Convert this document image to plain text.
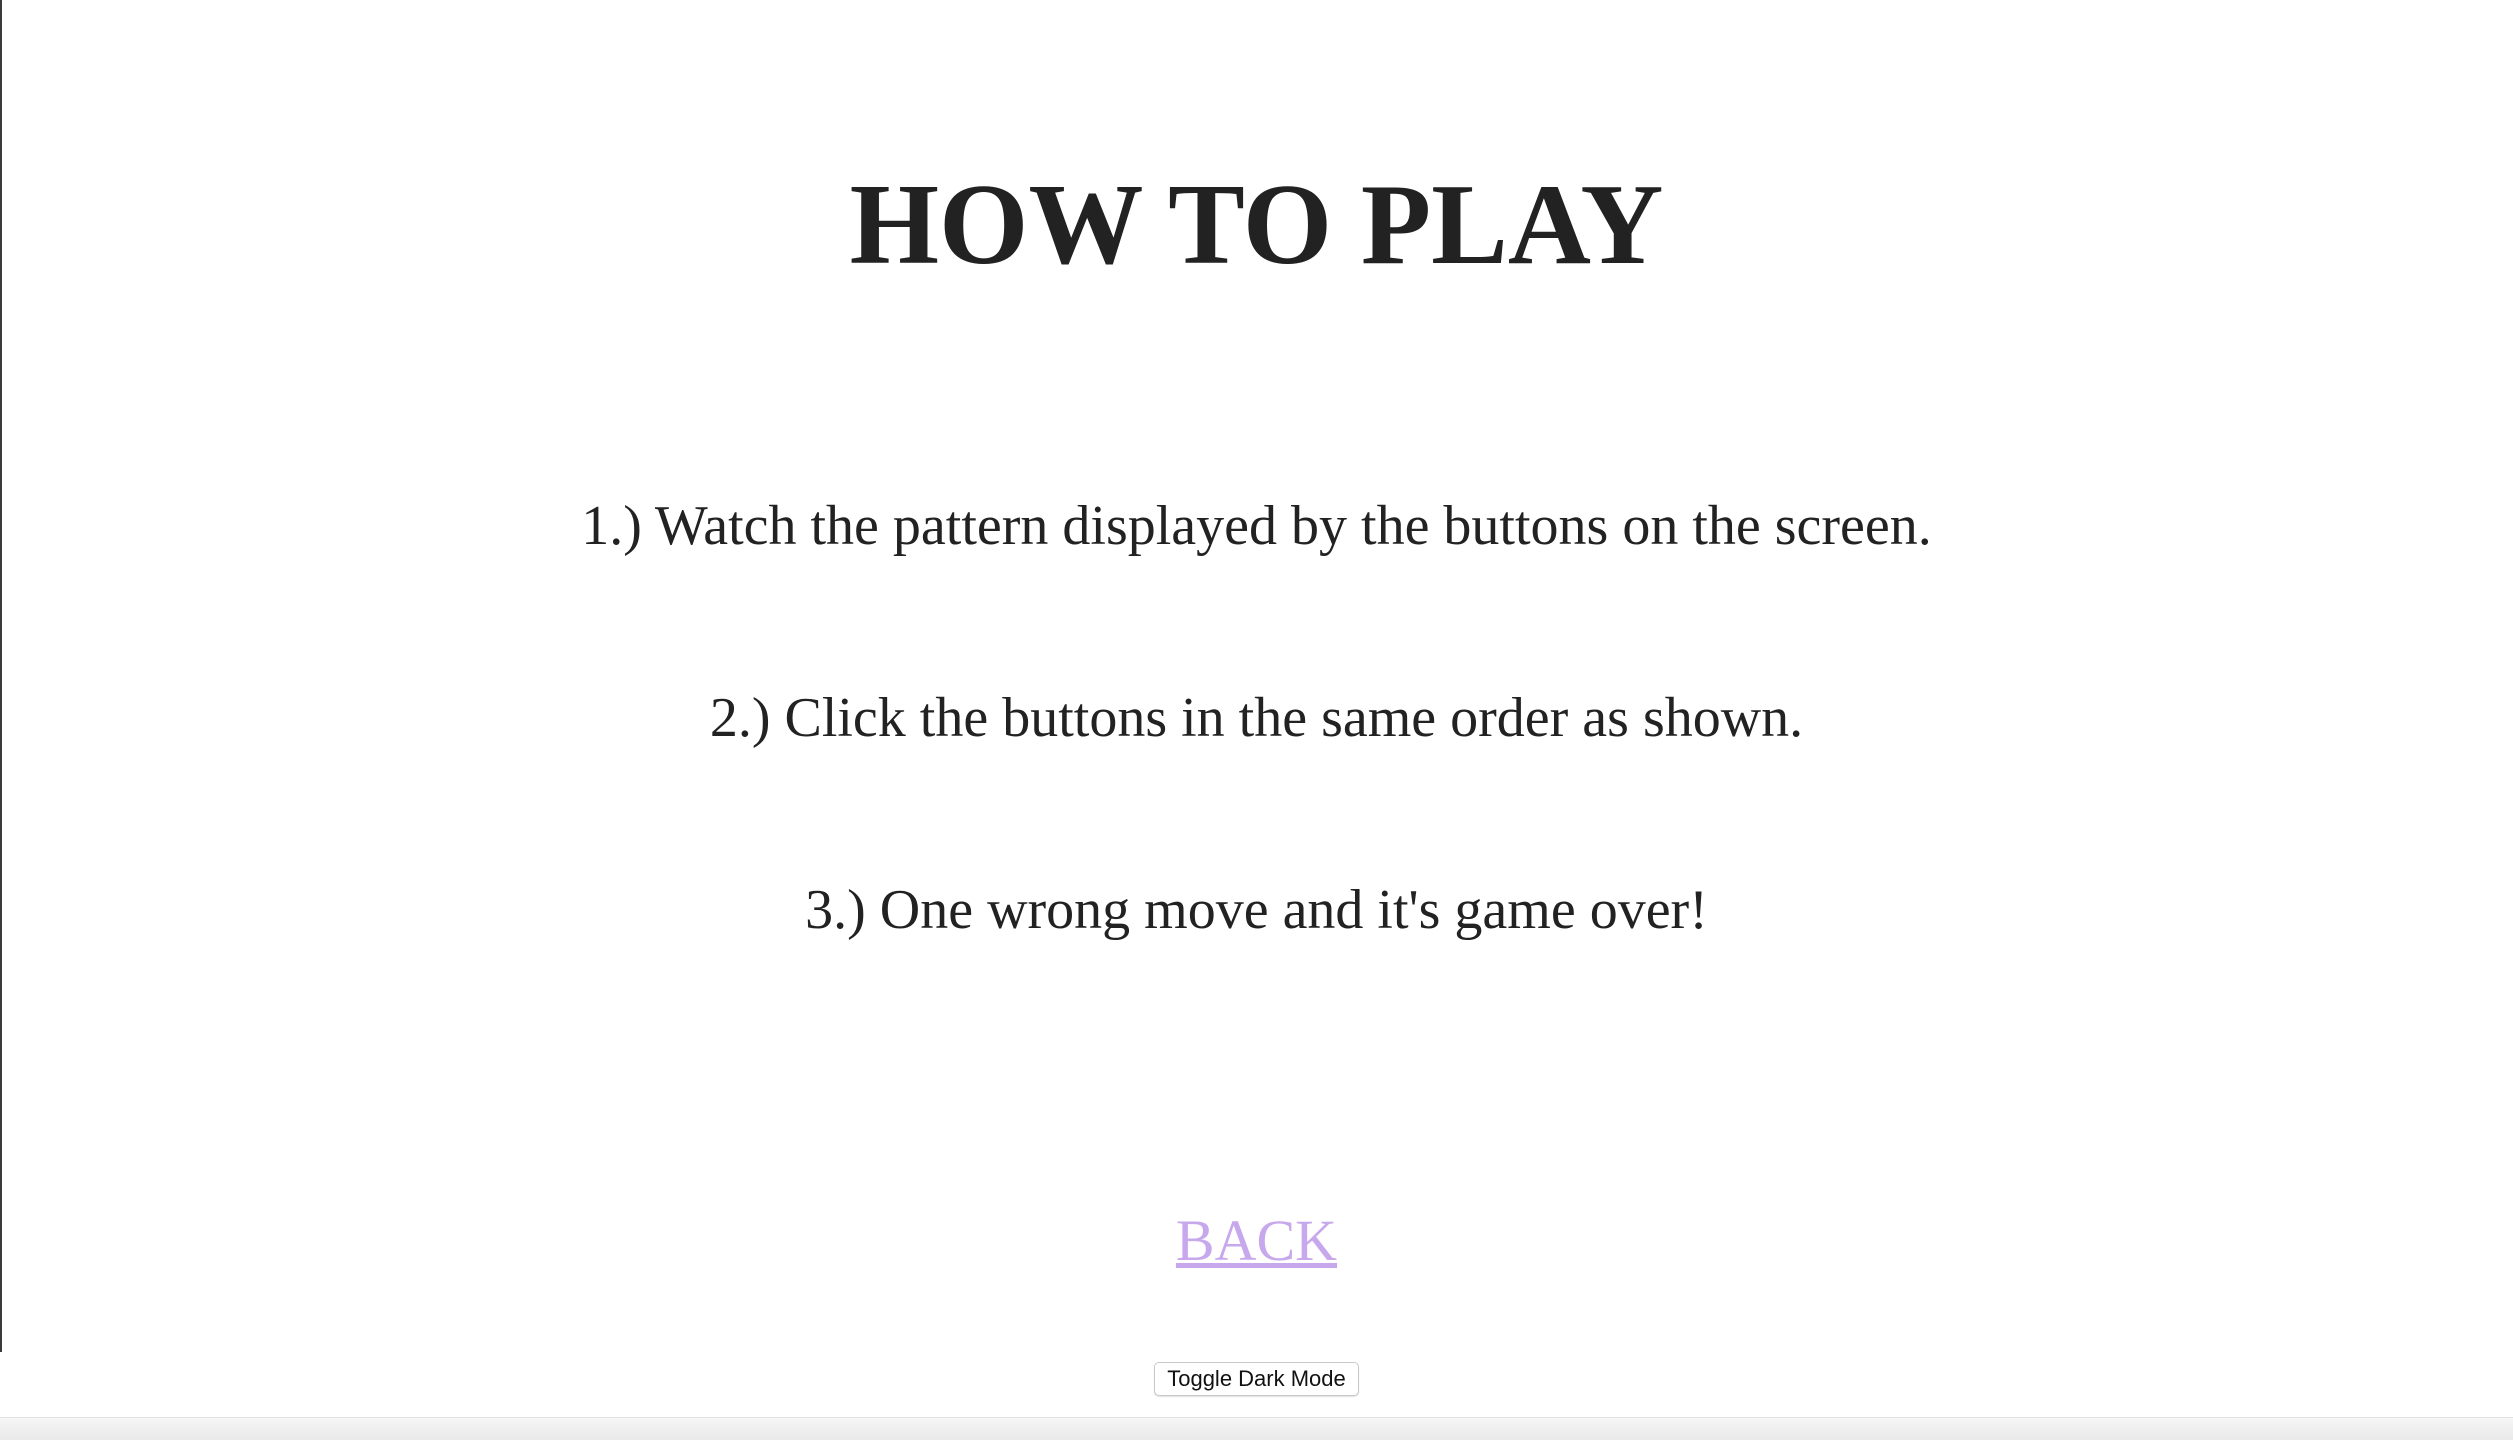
HOW TO PLAY

1.) Watch the pattern displayed by the buttons on the screen.

2.) Click the buttons in the same order as shown.

3.) One wrong move and it's game over!

BACK
Toggle Dark Mode
